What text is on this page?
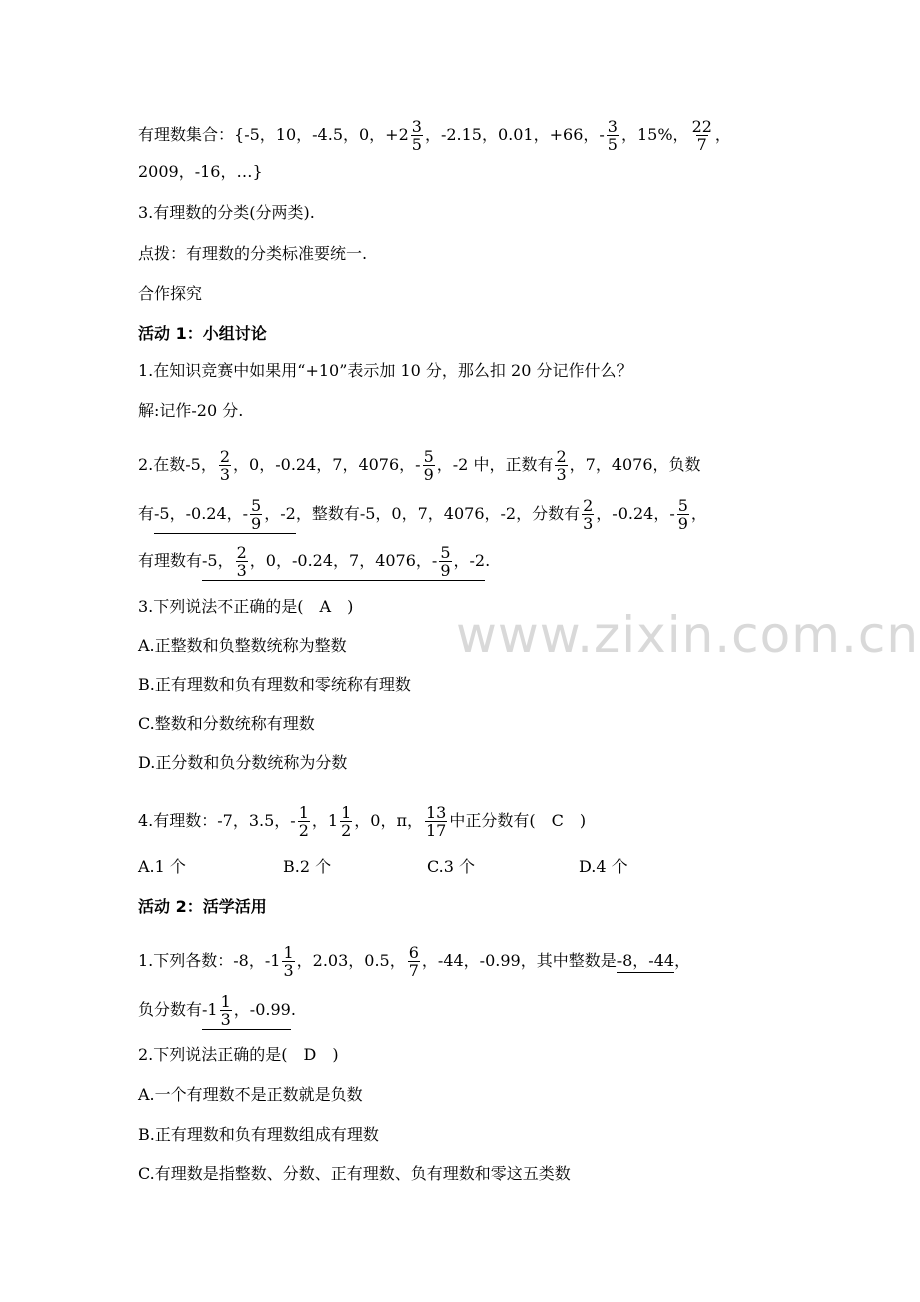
www.zixin.com.cn
有理数集合：{-5，10，-4.5，0，$+2 \frac{3}{5}$ ，-2.15，0.01，+66，- $\frac{3}{5}$ ，15%， $\frac{22}{7}$ ，
2009，-16，…}
3.有理数的分类(分两类).
点拨：有理数的分类标准要统一.
合作探究
活动 1：小组讨论
1.在知识竞赛中如果用“+10”表示加 10 分，那么扣 20 分记作什么？
解:记作-20 分.
2.在数-5， $\frac{2}{3}$ ，0，-0.24，7，4076，- $\frac{5}{9}$ ，-2 中，正数有 $\frac{2}{3}$ ，7，4076，负数
有-5，-0.24，- $\frac{5}{9}$ ，-2，整数有-5，0，7，4076，-2，分数有 $\frac{2}{3}$ ，-0.24，- $\frac{5}{9}$ ，
有理数有-5， $\frac{2}{3}$ ，0，-0.24，7，4076，- $\frac{5}{9}$ ，-2.
3.下列说法不正确的是(　A　)
A.正整数和负整数统称为整数
B.正有理数和负有理数和零统称有理数
C.整数和分数统称有理数
D.正分数和负分数统称为分数
4.有理数：-7，3.5，- $\frac{1}{2}$ ，$1 \frac{1}{2}$ ，0，π， $\frac{13}{17}$ 中正分数有(　C　)
A.1 个	B.2 个	C.3 个	D.4 个
活动 2：活学活用
1.下列各数：-8，$-1 \frac{1}{3}$ ，2.03，0.5， $\frac{6}{7}$ ，-44，-0.99，其中整数是-8，-44，
负分数有$-1 \frac{1}{3}$ ，-0.99.
2.下列说法正确的是(　D　)
A.一个有理数不是正数就是负数
B.正有理数和负有理数组成有理数
C.有理数是指整数、分数、正有理数、负有理数和零这五类数
